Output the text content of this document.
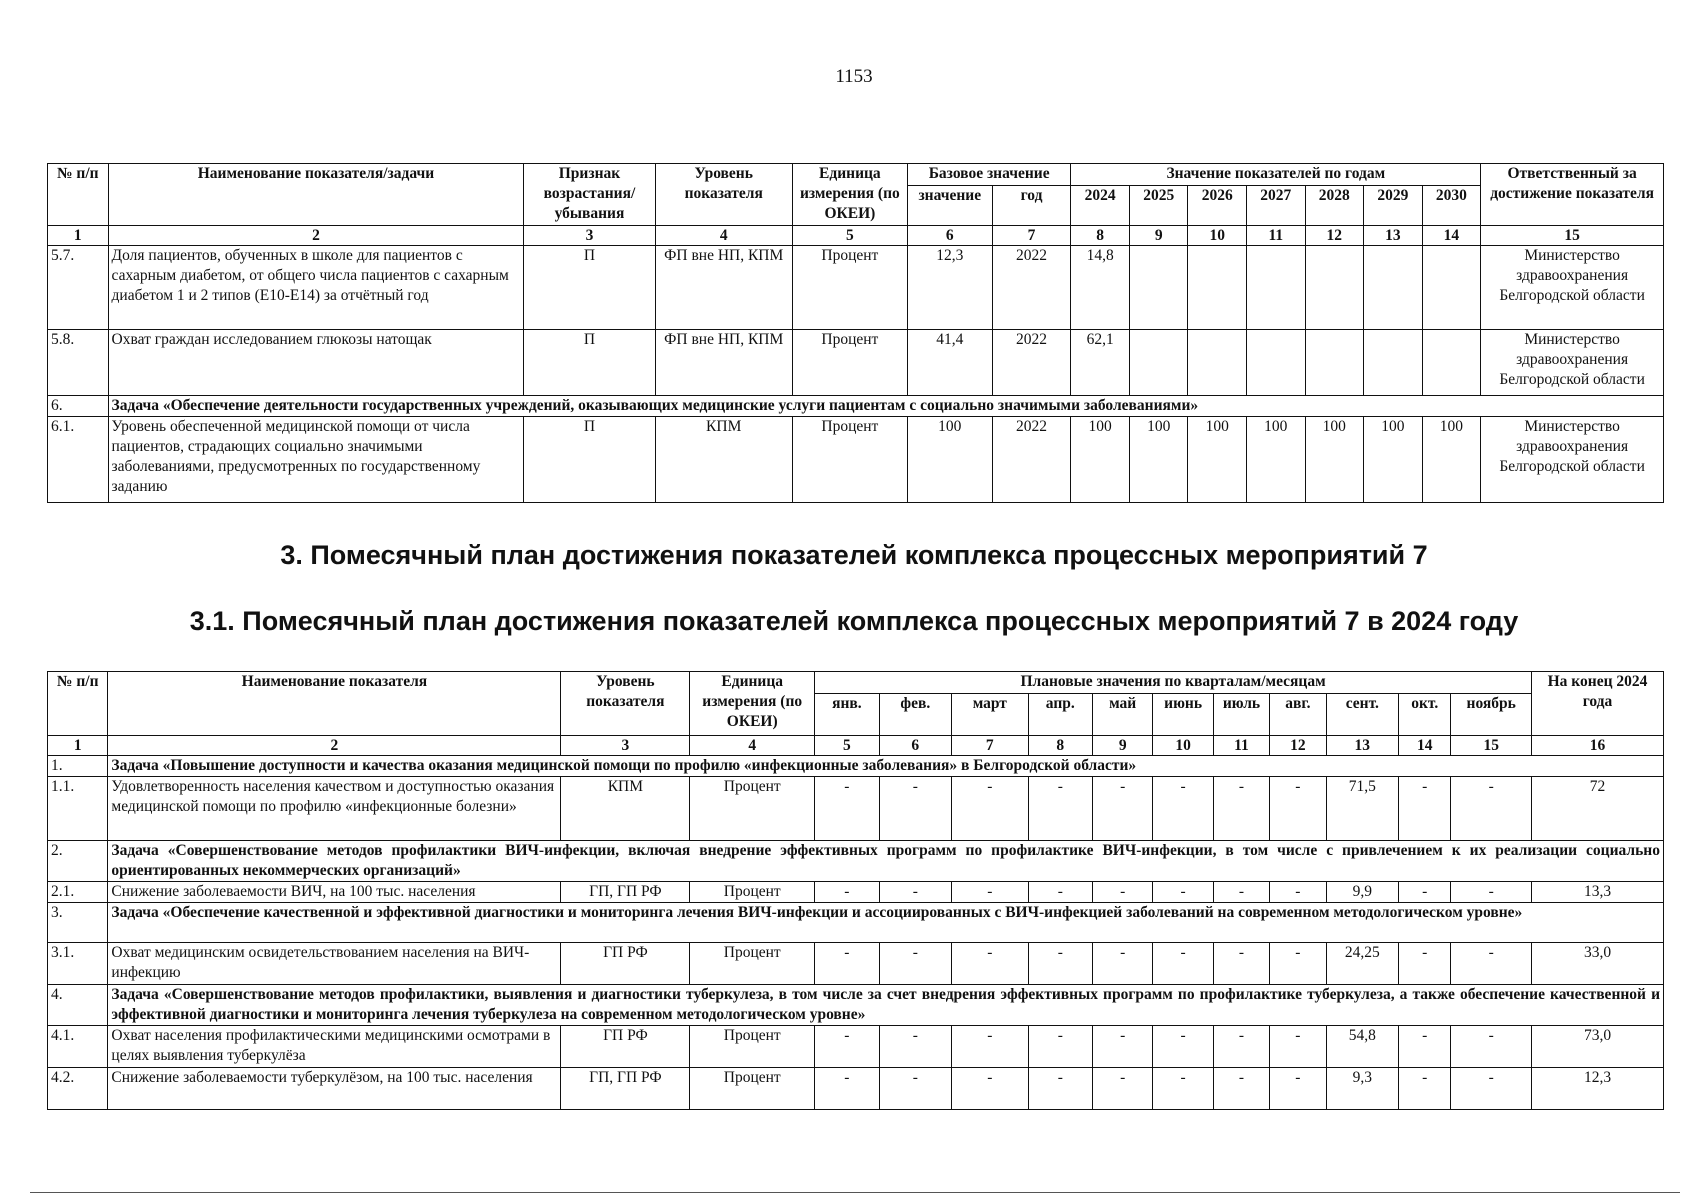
1153
№ п/п	Наименование показателя/задачи	Признак возрастания/ убывания	Уровень показателя	Единица измерения (по ОКЕИ)	Базовое значение		Значение показателей по годам							Ответственный за достижение показателя
					значение	год	2024	2025	2026	2027	2028	2029	2030	
1	2	3	4	5	6	7	8	9	10	11	12	13	14	15
5.7.	Доля пациентов, обученных в школе для пациентов с сахарным диабетом, от общего числа пациентов с сахарным диабетом 1 и 2 типов (Е10-Е14) за отчётный год	П	ФП вне НП, КПМ	Процент	12,3	2022	14,8							Министерство здравоохранения Белгородской области
5.8.	Охват граждан исследованием глюкозы натощак	П	ФП вне НП, КПМ	Процент	41,4	2022	62,1							Министерство здравоохранения Белгородской области
6.	Задача «Обеспечение деятельности государственных учреждений, оказывающих медицинские услуги пациентам с социально значимыми заболеваниями»													
6.1.	Уровень обеспеченной медицинской помощи от числа пациентов, страдающих социально значимыми заболеваниями, предусмотренных по государственному заданию	П	КПМ	Процент	100	2022	100	100	100	100	100	100	100	Министерство здравоохранения Белгородской области
3. Помесячный план достижения показателей комплекса процессных мероприятий 7
3.1. Помесячный план достижения показателей комплекса процессных мероприятий 7 в 2024 году
№ п/п	Наименование показателя	Уровень показателя	Единица измерения (по ОКЕИ)	Плановые значения по кварталам/месяцам											На конец 2024 года
				янв.	фев.	март	апр.	май	июнь	июль	авг.	сент.	окт.	ноябрь	
1	2	3	4	5	6	7	8	9	10	11	12	13	14	15	16
1.	Задача «Повышение доступности и качества оказания медицинской помощи по профилю «инфекционные заболевания» в Белгородской области»														
1.1.	Удовлетворенность населения качеством и доступностью оказания медицинской помощи по профилю «инфекционные болезни»	КПМ	Процент	-	-	-	-	-	-	-	-	71,5	-	-	72
2.	Задача «Совершенствование методов профилактики ВИЧ-инфекции, включая внедрение эффективных программ по профилактике ВИЧ-инфекции, в том числе с привлечением к их реализации социально ориентированных некоммерческих организаций»														
2.1.	Снижение заболеваемости ВИЧ, на 100 тыс. населения	ГП, ГП РФ	Процент	-	-	-	-	-	-	-	-	9,9	-	-	13,3
3.	Задача «Обеспечение качественной и эффективной диагностики и мониторинга лечения ВИЧ-инфекции и ассоциированных с ВИЧ-инфекцией заболеваний на современном методологическом уровне»														
3.1.	Охват медицинским освидетельствованием населения на ВИЧ-инфекцию	ГП РФ	Процент	-	-	-	-	-	-	-	-	24,25	-	-	33,0
4.	Задача «Совершенствование методов профилактики, выявления и диагностики туберкулеза, в том числе за счет внедрения эффективных программ по профилактике туберкулеза, а также обеспечение качественной и эффективной диагностики и мониторинга лечения туберкулеза на современном методологическом уровне»														
4.1.	Охват населения профилактическими медицинскими осмотрами в целях выявления туберкулёза	ГП РФ	Процент	-	-	-	-	-	-	-	-	54,8	-	-	73,0
4.2.	Снижение заболеваемости туберкулёзом, на 100 тыс. населения	ГП, ГП РФ	Процент	-	-	-	-	-	-	-	-	9,3	-	-	12,3
